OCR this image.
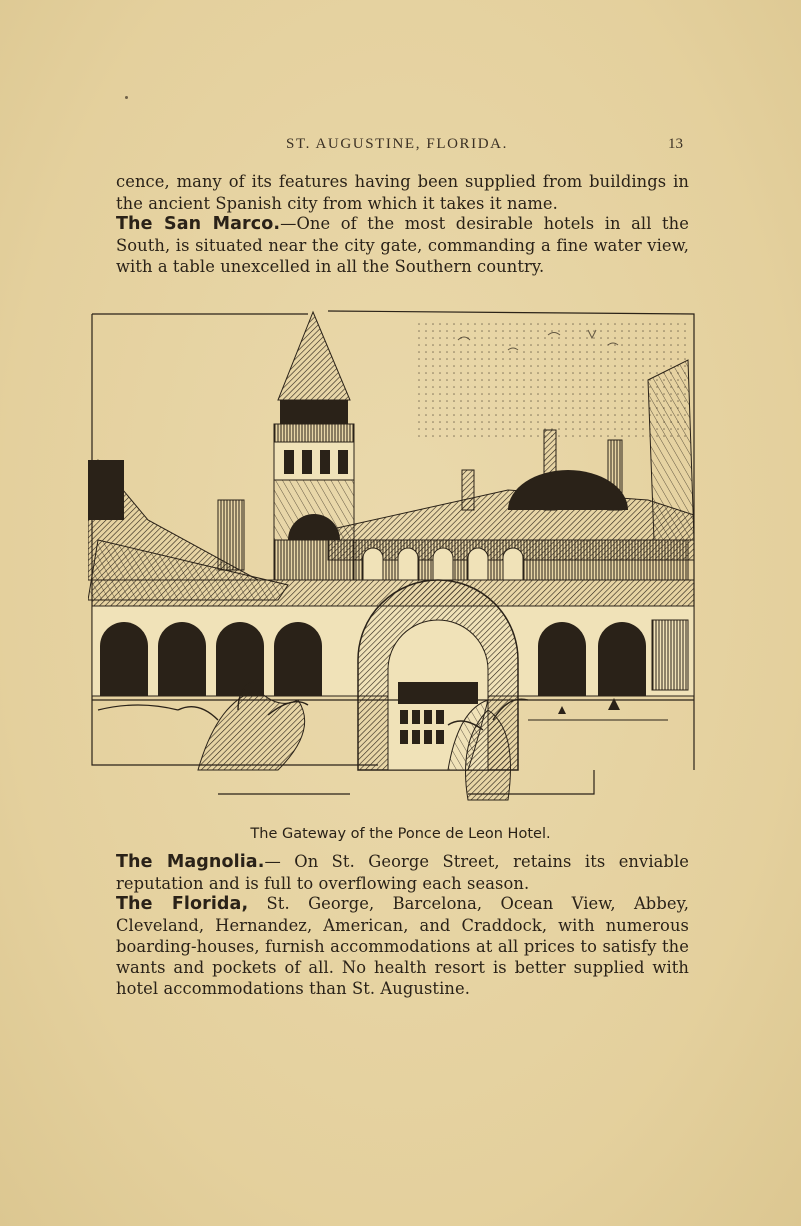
ST. AUGUSTINE, FLORIDA.	13

cence, many of its features having been supplied from buildings in the ancient Spanish city from which it takes it name.

The San Marco.—One of the most desirable hotels in all the South, is situated near the city gate, commanding a fine water view, with a table unexcelled in all the Southern country.

The Gateway of the Ponce de Leon Hotel.

The Magnolia.— On St. George Street, retains its enviable reputation and is full to overflowing each season.

The Florida, St. George, Barcelona, Ocean View, Abbey, Cleveland, Hernandez, American, and Craddock, with numerous boarding-houses, furnish accommodations at all prices to satisfy the wants and pockets of all. No health resort is better supplied with hotel accommodations than St. Augustine.
